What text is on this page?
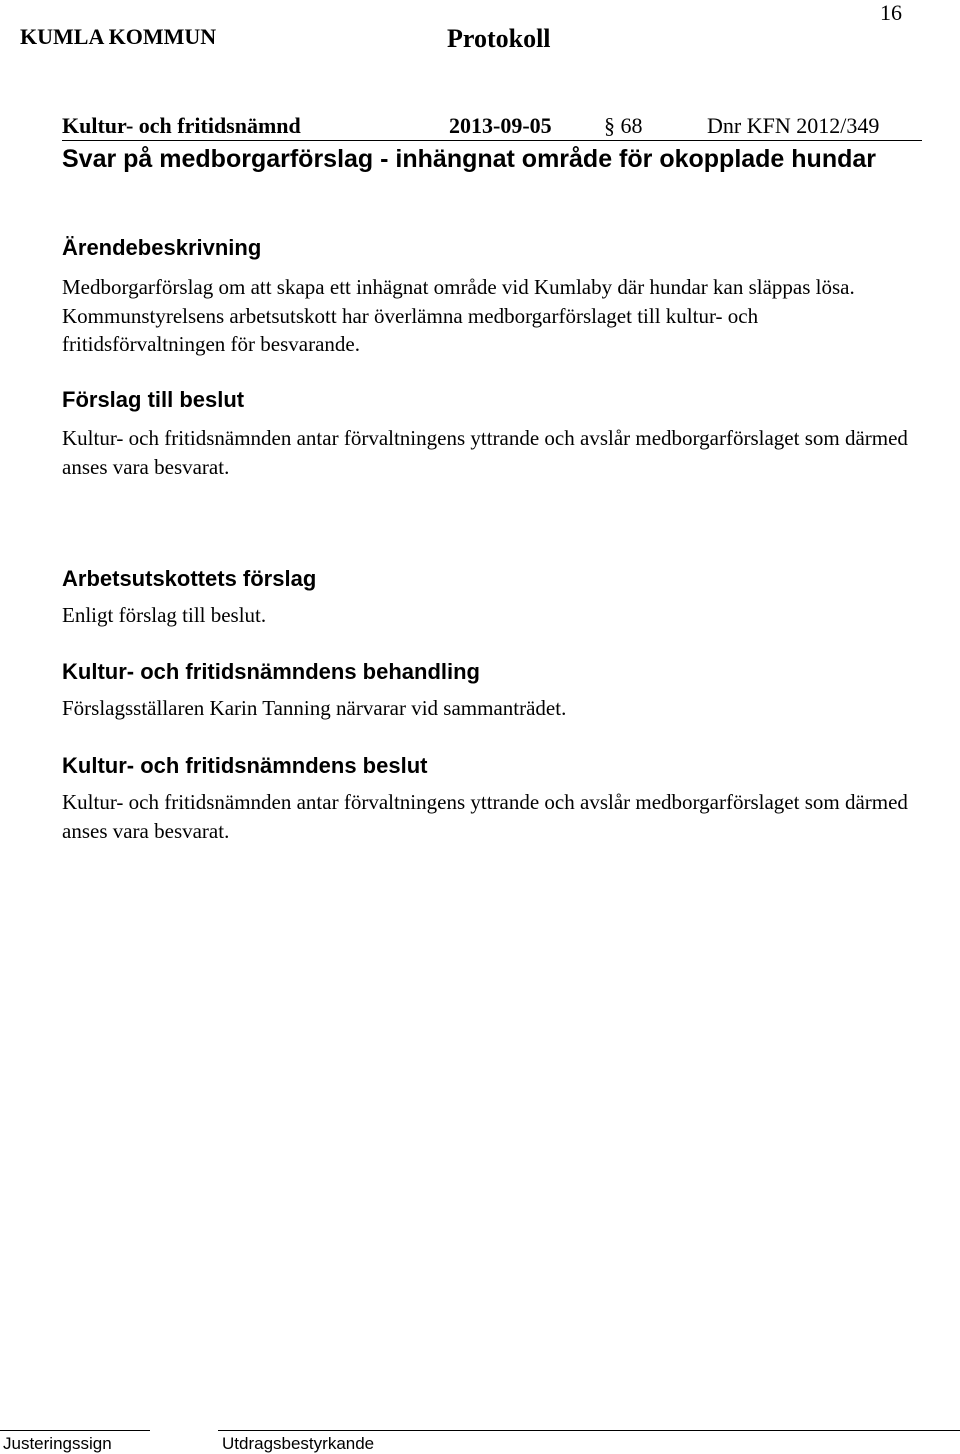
KUMLA KOMMUN	Protokoll
16
Kultur- och fritidsnämnd	2013-09-05 § 68	Dnr KFN 2012/349
Svar på medborgarförslag - inhängnat område för okopplade hundar
Ärendebeskrivning
Medborgarförslag om att skapa ett inhägnat område vid Kumlaby där hundar kan släppas lösa. Kommunstyrelsens arbetsutskott har överlämna medborgarförslaget till kultur- och fritidsförvaltningen för besvarande.
Förslag till beslut
Kultur- och fritidsnämnden antar förvaltningens yttrande och avslår medborgarförslaget som därmed anses vara besvarat.
Arbetsutskottets förslag
Enligt förslag till beslut.
Kultur- och fritidsnämndens behandling
Förslagsställaren Karin Tanning närvarar vid sammanträdet.
Kultur- och fritidsnämndens beslut
Kultur- och fritidsnämnden antar förvaltningens yttrande och avslår medborgarförslaget som därmed anses vara besvarat.
Justeringssign	Utdragsbestyrkande
